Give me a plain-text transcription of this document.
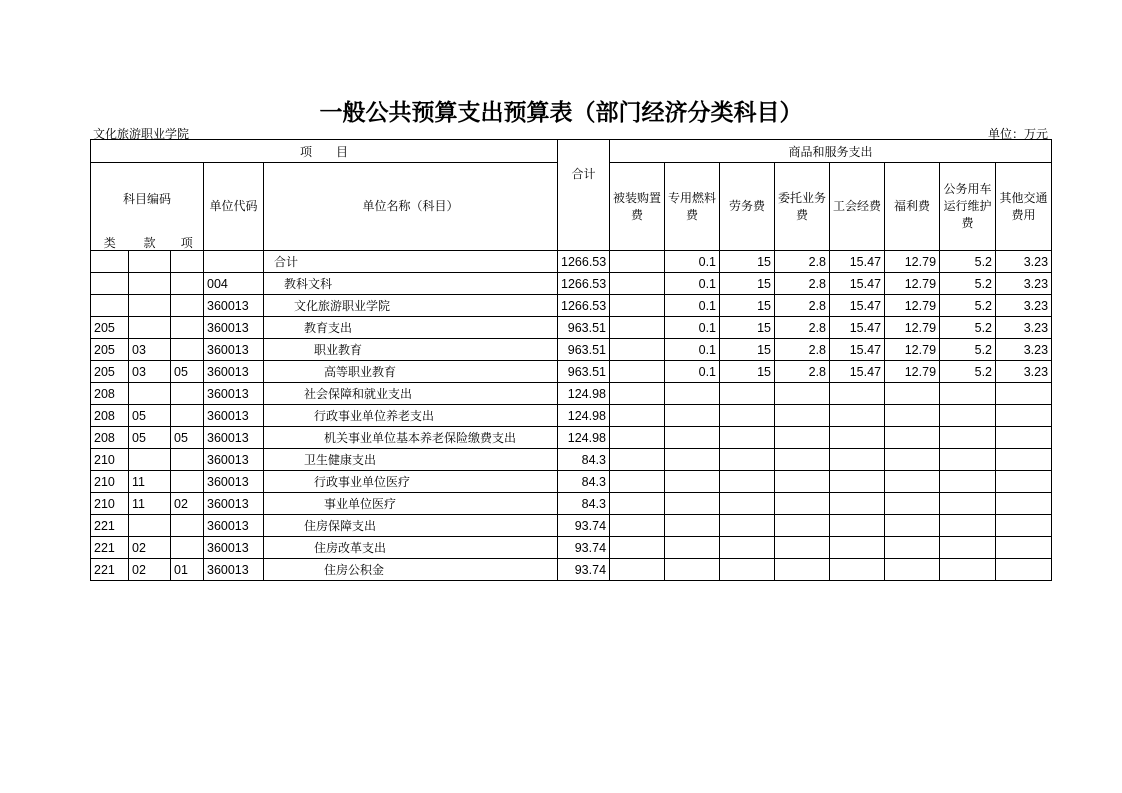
一般公共预算支出预算表（部门经济分类科目）
文化旅游职业学院	单位：万元
项　　目					合计	商品和服务支出							

科目编码			单位代码	单位名称（科目）		被装购置费	专用燃料费	劳务费	委托业务费	工会经费	福利费	公务用车运行维护费	其他交通费用
类	款	项											
				合计	1266.53		0.1	15	2.8	15.47	12.79	5.2	3.23
			004	教科文科	1266.53		0.1	15	2.8	15.47	12.79	5.2	3.23
			360013	文化旅游职业学院	1266.53		0.1	15	2.8	15.47	12.79	5.2	3.23
205			360013	教育支出	963.51		0.1	15	2.8	15.47	12.79	5.2	3.23
205	03		360013	职业教育	963.51		0.1	15	2.8	15.47	12.79	5.2	3.23
205	03	05	360013	高等职业教育	963.51		0.1	15	2.8	15.47	12.79	5.2	3.23
208			360013	社会保障和就业支出	124.98								
208	05		360013	行政事业单位养老支出	124.98								
208	05	05	360013	机关事业单位基本养老保险缴费支出	124.98								
210			360013	卫生健康支出	84.3								
210	11		360013	行政事业单位医疗	84.3								
210	11	02	360013	事业单位医疗	84.3								
221			360013	住房保障支出	93.74								
221	02		360013	住房改革支出	93.74								
221	02	01	360013	住房公积金	93.74								
